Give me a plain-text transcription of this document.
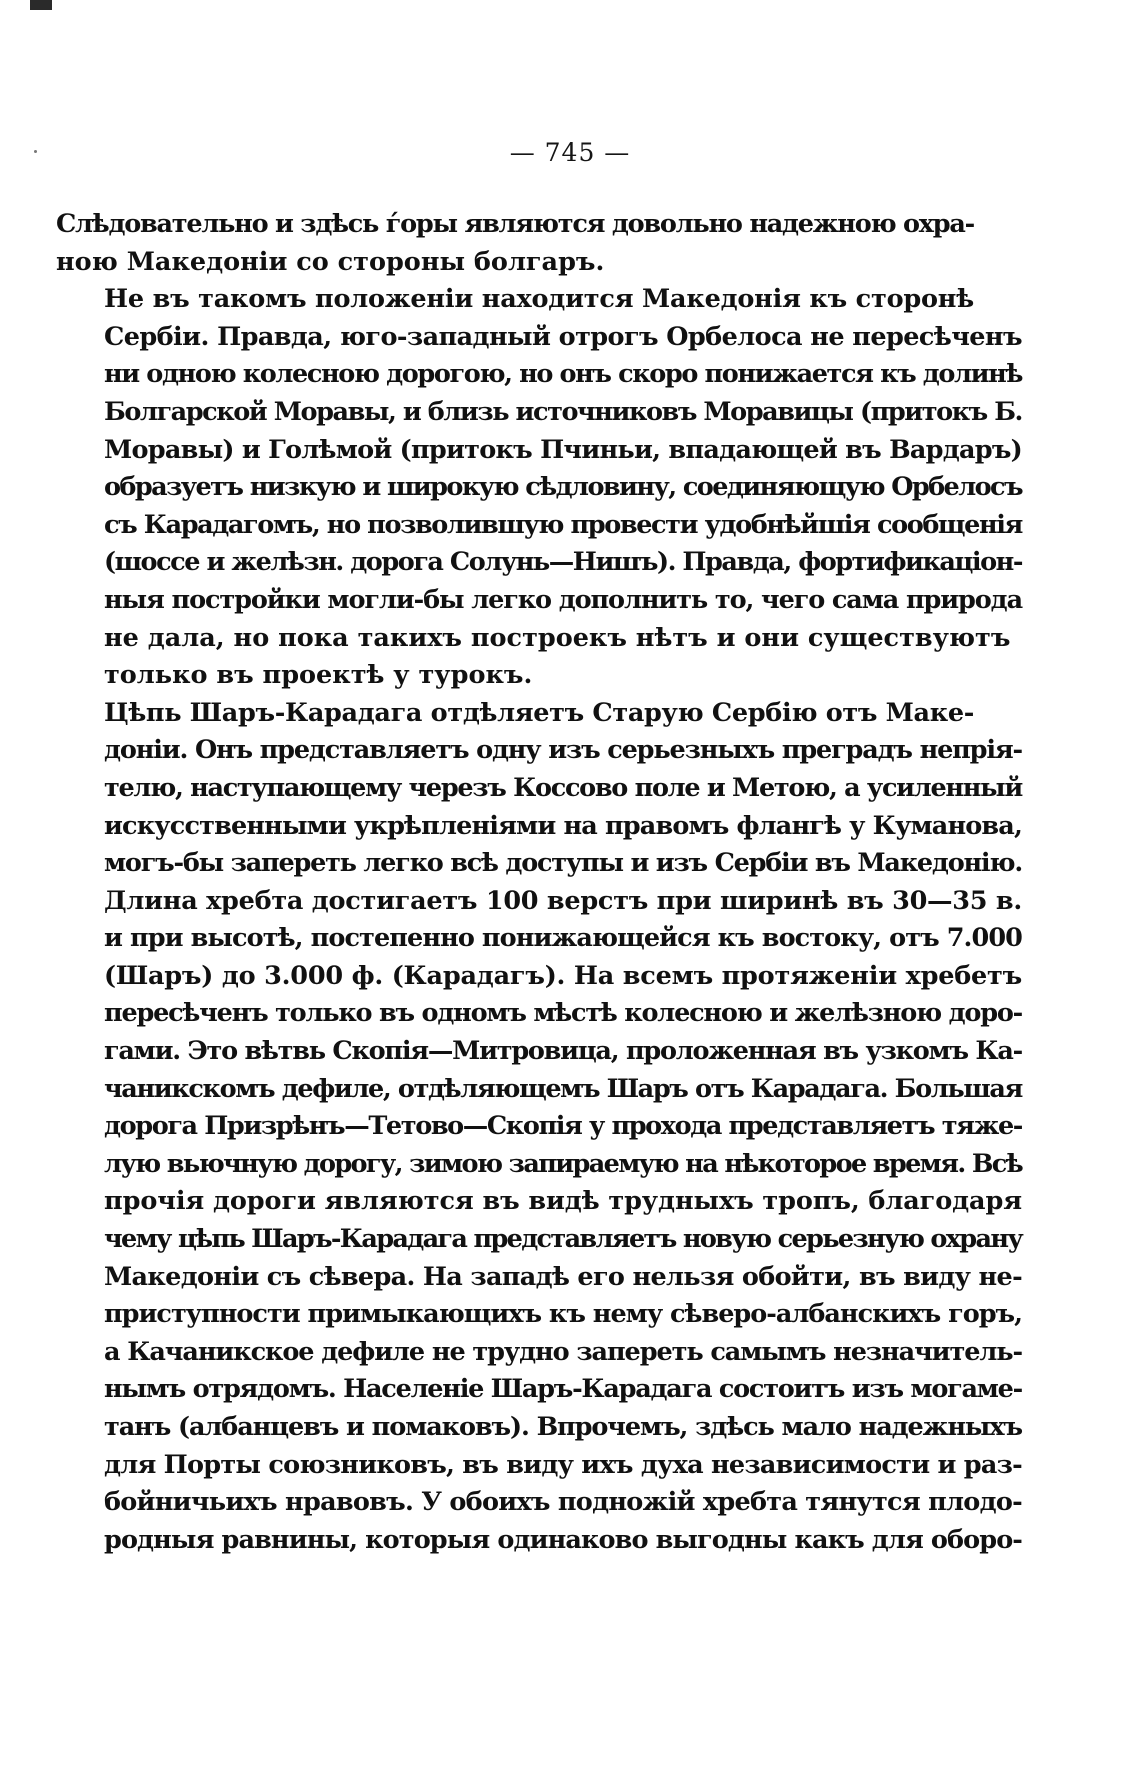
— 745 —
Слѣдовательно и здѣсь ѓоры являются довольно надежною охра-
ною Македоніи со стороны болгаръ.
Не въ такомъ положеніи находится Македонія къ сторонѣ
Сербіи. Правда, юго-западный отрогъ Орбелоса не пересѣченъ
ни одною колесною дорогою, но онъ скоро понижается къ долинѣ
Болгарской Моравы, и близь источниковъ Моравицы (притокъ Б.
Моравы) и Голѣмой (притокъ Пчиньи, впадающей въ Вардаръ)
образуетъ низкую и широкую сѣдловину, соединяющую Орбелосъ
съ Карадагомъ, но позволившую провести удобнѣйшія сообщенія
(шоссе и желѣзн. дорога Солунь—Нишъ). Правда, фортификаціон-
ныя постройки могли-бы легко дополнить то, чего сама природа
не дала, но пока такихъ построекъ нѣтъ и они существуютъ
только въ проектѣ у турокъ.
Цѣпь Шаръ-Карадага отдѣляетъ Старую Сербію отъ Маке-
доніи. Онъ представляетъ одну изъ серьезныхъ преградъ непрія-
телю, наступающему черезъ Коссово поле и Метою, а усиленный
искусственными укрѣпленіями на правомъ флангѣ у Куманова,
могъ-бы запереть легко всѣ доступы и изъ Сербіи въ Македонію.
Длина хребта достигаетъ 100 верстъ при ширинѣ въ 30—35 в.
и при высотѣ, постепенно понижающейся къ востоку, отъ 7.000
(Шаръ) до 3.000 ф. (Карадагъ). На всемъ протяженіи хребетъ
пересѣченъ только въ одномъ мѣстѣ колесною и желѣзною доро-
гами. Это вѣтвь Скопія—Митровица, проложенная въ узкомъ Ка-
чаникскомъ дефиле, отдѣляющемъ Шаръ отъ Карадага. Большая
дорога Призрѣнъ—Тетово—Скопія у прохода представляетъ тяже-
лую вьючную дорогу, зимою запираемую на нѣкоторое время. Всѣ
прочія дороги являются въ видѣ трудныхъ тропъ, благодаря
чему цѣпь Шаръ-Карадага представляетъ новую серьезную охрану
Македоніи съ сѣвера. На западѣ его нельзя обойти, въ виду не-
приступности примыкающихъ къ нему сѣверо-албанскихъ горъ,
а Качаникское дефиле не трудно запереть самымъ незначитель-
нымъ отрядомъ. Населеніе Шаръ-Карадага состоитъ изъ могаме-
танъ (албанцевъ и помаковъ). Впрочемъ, здѣсь мало надежныхъ
для Порты союзниковъ, въ виду ихъ духа независимости и раз-
бойничьихъ нравовъ. У обоихъ подножій хребта тянутся плодо-
родныя равнины, которыя одинаково выгодны какъ для оборо-
